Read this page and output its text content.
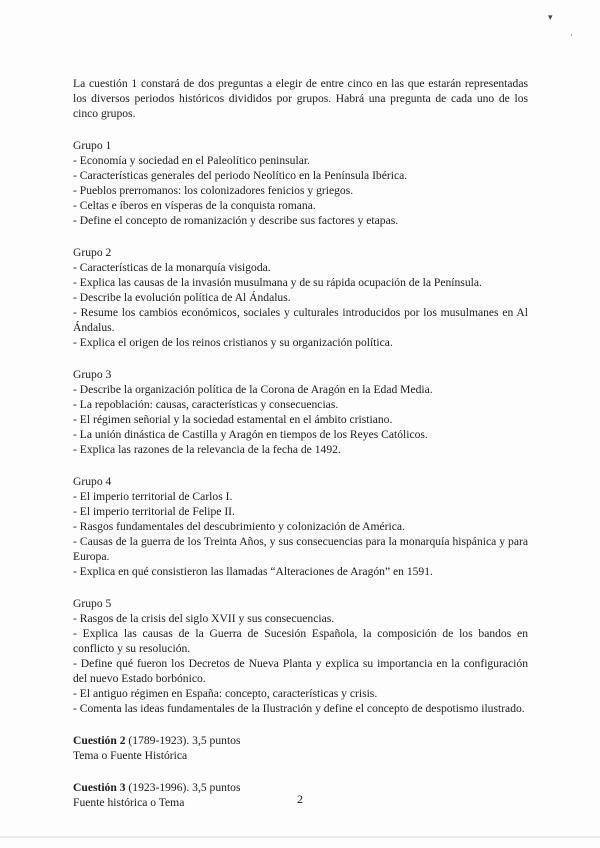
▾
·

La cuestión 1 constará de dos preguntas a elegir de entre cinco en las que estarán representadas los diversos periodos históricos divididos por grupos. Habrá una pregunta de cada uno de los cinco grupos.

Grupo 1

- Economía y sociedad en el Paleolítico peninsular.
- Características generales del periodo Neolítico en la Península Ibérica.
- Pueblos prerromanos: los colonizadores fenicios y griegos.
- Celtas e íberos en vísperas de la conquista romana.
- Define el concepto de romanización y describe sus factores y etapas.

Grupo 2

- Características de la monarquía visigoda.
- Explica las causas de la invasión musulmana y de su rápida ocupación de la Península.
- Describe la evolución política de Al Ándalus.
- Resume los cambios económicos, sociales y culturales introducidos por los musulmanes en Al Ándalus.
- Explica el origen de los reinos cristianos y su organización política.

Grupo 3

- Describe la organización política de la Corona de Aragón en la Edad Media.
- La repoblación: causas, características y consecuencias.
- El régimen señorial y la sociedad estamental en el ámbito cristiano.
- La unión dinástica de Castilla y Aragón en tiempos de los Reyes Católicos.
- Explica las razones de la relevancia de la fecha de 1492.

Grupo 4

- El imperio territorial de Carlos I.
- El imperio territorial de Felipe II.
- Rasgos fundamentales del descubrimiento y colonización de América.
- Causas de la guerra de los Treinta Años, y sus consecuencias para la monarquía hispánica y para Europa.
- Explica en qué consistieron las llamadas “Alteraciones de Aragón” en 1591.

Grupo 5

- Rasgos de la crisis del siglo XVII y sus consecuencias.
- Explica las causas de la Guerra de Sucesión Española, la composición de los bandos en conflicto y su resolución.
- Define qué fueron los Decretos de Nueva Planta y explica su importancia en la configuración del nuevo Estado borbónico.
- El antiguo régimen en España: concepto, características y crisis.
- Comenta las ideas fundamentales de la Ilustración y define el concepto de despotismo ilustrado.
Cuestión 2 (1789-1923). 3,5 puntos
Tema o Fuente Histórica
Cuestión 3 (1923-1996). 3,5 puntos
Fuente histórica o Tema	2
